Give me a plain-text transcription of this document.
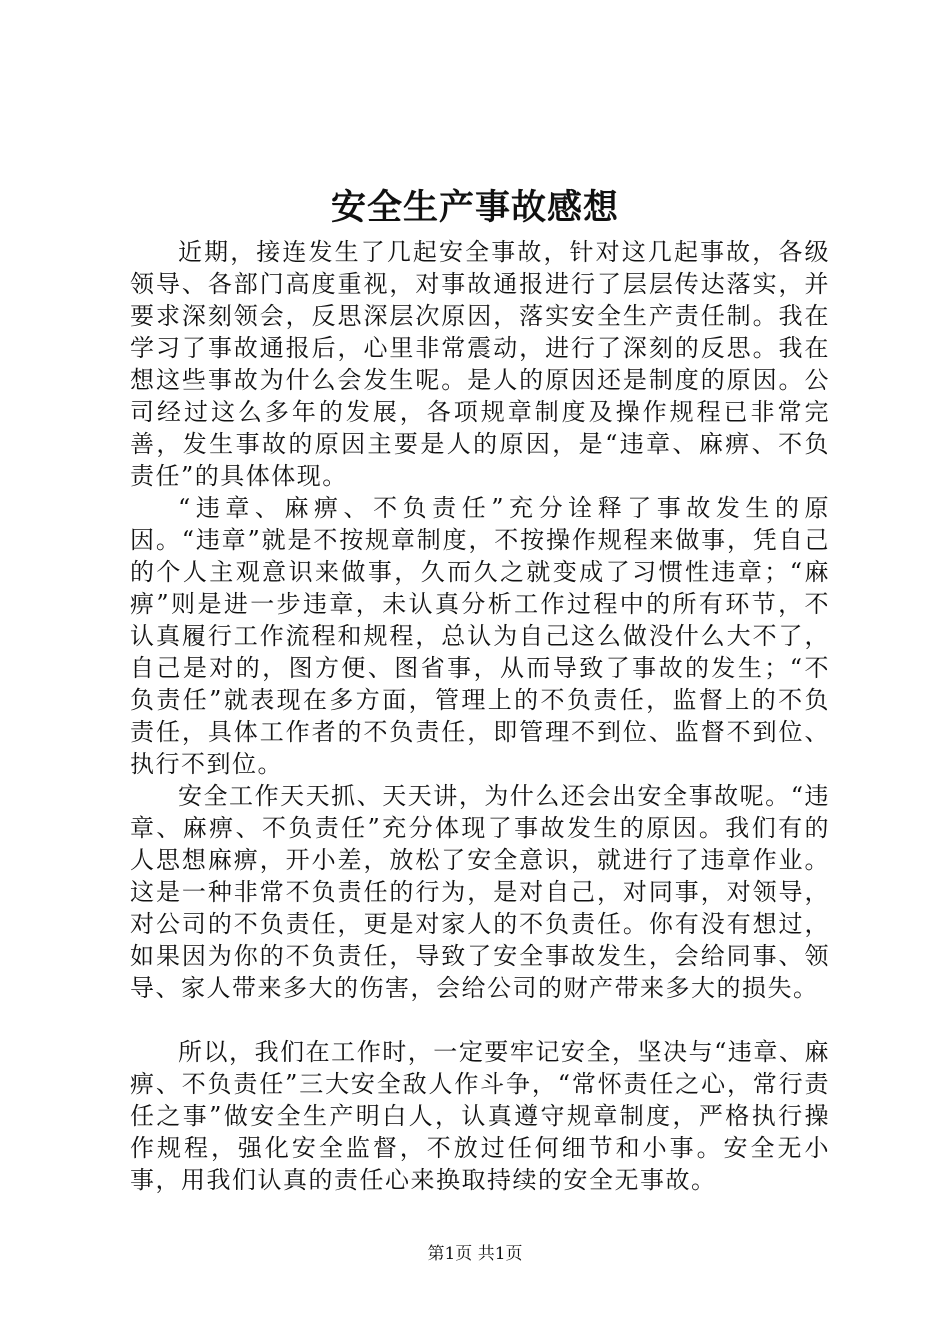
安全生产事故感想

近期，接连发生了几起安全事故，针对这几起事故，各级领导、各部门高度重视，对事故通报进行了层层传达落实，并要求深刻领会，反思深层次原因，落实安全生产责任制。我在学习了事故通报后，心里非常震动，进行了深刻的反思。我在想这些事故为什么会发生呢。是人的原因还是制度的原因。公司经过这么多年的发展，各项规章制度及操作规程已非常完善，发生事故的原因主要是人的原因，是“违章、麻痹、不负责任”的具体体现。

“违章、麻痹、不负责任”充分诠释了事故发生的原因。“违章”就是不按规章制度，不按操作规程来做事，凭自己的个人主观意识来做事，久而久之就变成了习惯性违章；“麻痹”则是进一步违章，未认真分析工作过程中的所有环节，不认真履行工作流程和规程，总认为自己这么做没什么大不了，自己是对的，图方便、图省事，从而导致了事故的发生；“不负责任”就表现在多方面，管理上的不负责任，监督上的不负责任，具体工作者的不负责任，即管理不到位、监督不到位、执行不到位。

安全工作天天抓、天天讲，为什么还会出安全事故呢。“违章、麻痹、不负责任”充分体现了事故发生的原因。我们有的人思想麻痹，开小差，放松了安全意识，就进行了违章作业。这是一种非常不负责任的行为，是对自己，对同事，对领导，对公司的不负责任，更是对家人的不负责任。你有没有想过，如果因为你的不负责任，导致了安全事故发生，会给同事、领导、家人带来多大的伤害，会给公司的财产带来多大的损失。

所以，我们在工作时，一定要牢记安全，坚决与“违章、麻痹、不负责任”三大安全敌人作斗争，“常怀责任之心，常行责任之事”做安全生产明白人，认真遵守规章制度，严格执行操作规程，强化安全监督，不放过任何细节和小事。安全无小事，用我们认真的责任心来换取持续的安全无事故。

第1页 共1页
